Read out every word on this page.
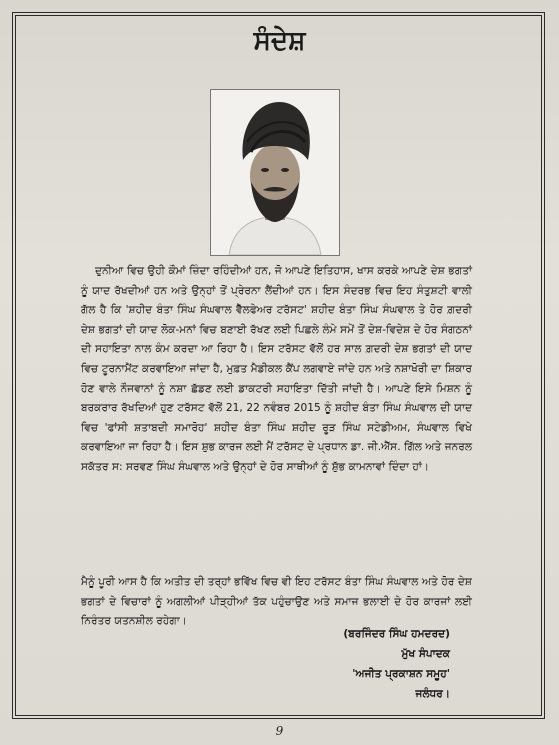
ਸੰਦੇਸ਼

ਦੁਨੀਆ ਵਿਚ ਉਹੀ ਕੌਮਾਂ ਜ਼ਿੰਦਾ ਰਹਿੰਦੀਆਂ ਹਨ, ਜੋ ਆਪਣੇ ਇਤਿਹਾਸ, ਖਾਸ ਕਰਕੇ ਆਪਣੇ ਦੇਸ਼ ਭਗਤਾਂ ਨੂੰ ਯਾਦ ਰੱਖਦੀਆਂ ਹਨ ਅਤੇ ਉਨ੍ਹਾਂ ਤੋਂ ਪ੍ਰੇਰਨਾ ਲੈਂਦੀਆਂ ਹਨ। ਇਸ ਸੰਦਰਭ ਵਿਚ ਇਹ ਸੰਤੁਸ਼ਟੀ ਵਾਲੀ ਗੱਲ ਹੈ ਕਿ 'ਸ਼ਹੀਦ ਬੰਤਾ ਸਿੰਘ ਸੰਘਵਾਲ ਵੈੱਲਫੇਅਰ ਟਰੱਸਟ' ਸ਼ਹੀਦ ਬੰਤਾ ਸਿੰਘ ਸੰਘਵਾਲ ਤੇ ਹੋਰ ਗ਼ਦਰੀ ਦੇਸ਼ ਭਗਤਾਂ ਦੀ ਯਾਦ ਲੋਕ-ਮਨਾਂ ਵਿਚ ਬਣਾਈ ਰੱਖਣ ਲਈ ਪਿਛਲੇ ਲੰਮੇ ਸਮੇਂ ਤੋਂ ਦੇਸ਼-ਵਿਦੇਸ਼ ਦੇ ਹੋਰ ਸੰਗਠਨਾਂ ਦੀ ਸਹਾਇਤਾ ਨਾਲ ਕੰਮ ਕਰਦਾ ਆ ਰਿਹਾ ਹੈ। ਇਸ ਟਰੱਸਟ ਵੱਲੋਂ ਹਰ ਸਾਲ ਗ਼ਦਰੀ ਦੇਸ਼ ਭਗਤਾਂ ਦੀ ਯਾਦ ਵਿਚ ਟੂਰਨਾਮੈਂਟ ਕਰਵਾਇਆ ਜਾਂਦਾ ਹੈ, ਮੁਫ਼ਤ ਮੈਡੀਕਲ ਕੈਂਪ ਲਗਵਾਏ ਜਾਂਦੇ ਹਨ ਅਤੇ ਨਸ਼ਾਖੋਰੀ ਦਾ ਸ਼ਿਕਾਰ ਹੋਣ ਵਾਲੇ ਨੌਜਵਾਨਾਂ ਨੂੰ ਨਸ਼ਾ ਛੱਡਣ ਲਈ ਡਾਕਟਰੀ ਸਹਾਇਤਾ ਦਿੱਤੀ ਜਾਂਦੀ ਹੈ। ਆਪਣੇ ਇਸੇ ਮਿਸ਼ਨ ਨੂੰ ਬਰਕਰਾਰ ਰੱਖਦਿਆਂ ਹੁਣ ਟਰੱਸਟ ਵੱਲੋਂ 21, 22 ਨਵੰਬਰ 2015 ਨੂੰ ਸ਼ਹੀਦ ਬੰਤਾ ਸਿੰਘ ਸੰਘਵਾਲ ਦੀ ਯਾਦ ਵਿਚ 'ਫਾਂਸੀ ਸ਼ਤਾਬਦੀ ਸਮਾਰੋਹ' ਸ਼ਹੀਦ ਬੰਤਾ ਸਿੰਘ ਸ਼ਹੀਦ ਰੂੜ ਸਿੰਘ ਸਟੇਡੀਅਮ, ਸੰਘਵਾਲ ਵਿਖੇ ਕਰਵਾਇਆ ਜਾ ਰਿਹਾ ਹੈ। ਇਸ ਸ਼ੁਭ ਕਾਰਜ ਲਈ ਮੈਂ ਟਰੱਸਟ ਦੇ ਪ੍ਰਧਾਨ ਡਾ. ਜੀ.ਐੱਸ. ਗਿੱਲ ਅਤੇ ਜਨਰਲ ਸਕੱਤਰ ਸ: ਸਰਵਣ ਸਿੰਘ ਸੰਘਵਾਲ ਅਤੇ ਉਨ੍ਹਾਂ ਦੇ ਹੋਰ ਸਾਥੀਆਂ ਨੂੰ ਸ਼ੁੱਭ ਕਾਮਨਾਵਾਂ ਦਿੰਦਾ ਹਾਂ।

ਮੈਨੂੰ ਪੂਰੀ ਆਸ ਹੈ ਕਿ ਅਤੀਤ ਦੀ ਤਰ੍ਹਾਂ ਭਵਿੱਖ ਵਿਚ ਵੀ ਇਹ ਟਰੱਸਟ ਬੰਤਾ ਸਿੰਘ ਸੰਘਵਾਲ ਅਤੇ ਹੋਰ ਦੇਸ਼ ਭਗਤਾਂ ਦੇ ਵਿਚਾਰਾਂ ਨੂੰ ਅਗਲੀਆਂ ਪੀੜ੍ਹੀਆਂ ਤੱਕ ਪਹੁੰਚਾਉਣ ਅਤੇ ਸਮਾਜ ਭਲਾਈ ਦੇ ਹੋਰ ਕਾਰਜਾਂ ਲਈ ਨਿਰੰਤਰ ਯਤਨਸ਼ੀਲ ਰਹੇਗਾ।

(ਬਰਜਿੰਦਰ ਸਿੰਘ ਹਮਦਰਦ)
ਮੁੱਖ ਸੰਪਾਦਕ
'ਅਜੀਤ ਪ੍ਰਕਾਸ਼ਨ ਸਮੂਹ'
ਜਲੰਧਰ।
9
